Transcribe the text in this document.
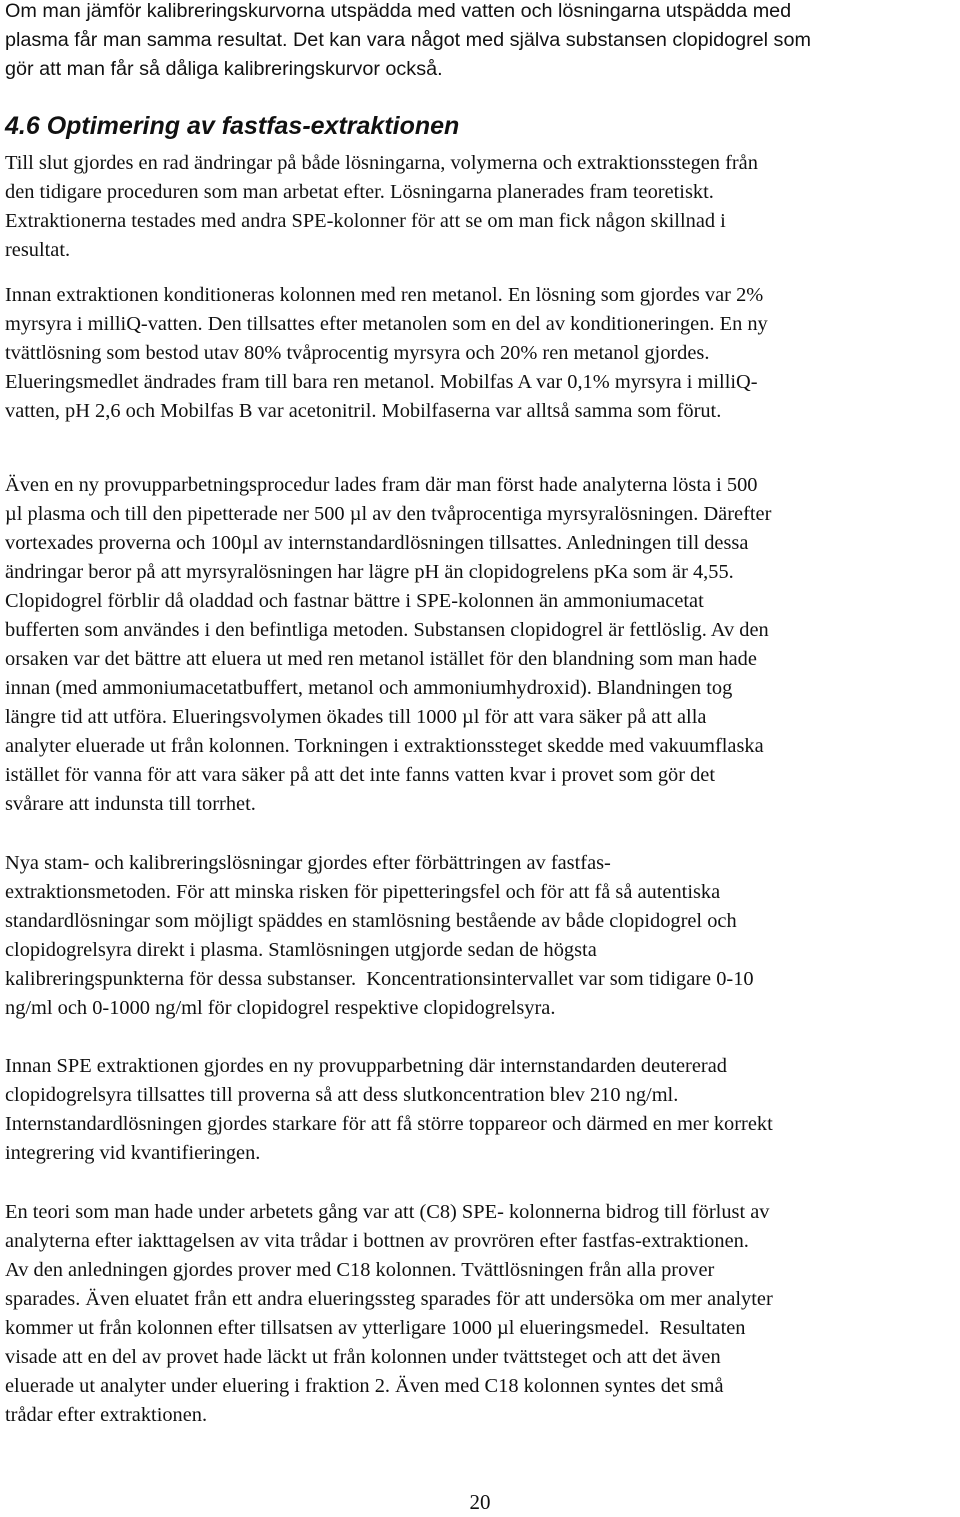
Om man jämför kalibreringskurvorna utspädda med vatten och lösningarna utspädda med
plasma får man samma resultat. Det kan vara något med själva substansen clopidogrel som
gör att man får så dåliga kalibreringskurvor också.
4.6 Optimering av fastfas-extraktionen
Till slut gjordes en rad ändringar på både lösningarna, volymerna och extraktionsstegen från
den tidigare proceduren som man arbetat efter. Lösningarna planerades fram teoretiskt.
Extraktionerna testades med andra SPE-kolonner för att se om man fick någon skillnad i
resultat.
Innan extraktionen konditioneras kolonnen med ren metanol. En lösning som gjordes var 2%
myrsyra i milliQ-vatten. Den tillsattes efter metanolen som en del av konditioneringen. En ny
tvättlösning som bestod utav 80% tvåprocentig myrsyra och 20% ren metanol gjordes.
Elueringsmedlet ändrades fram till bara ren metanol. Mobilfas A var 0,1% myrsyra i milliQ-
vatten, pH 2,6 och Mobilfas B var acetonitril. Mobilfaserna var alltså samma som förut.
Även en ny provupparbetningsprocedur lades fram där man först hade analyterna lösta i 500
µl plasma och till den pipetterade ner 500 µl av den tvåprocentiga myrsyralösningen. Därefter
vortexades proverna och 100µl av internstandardlösningen tillsattes. Anledningen till dessa
ändringar beror på att myrsyralösningen har lägre pH än clopidogrelens pKa som är 4,55.
Clopidogrel förblir då oladdad och fastnar bättre i SPE-kolonnen än ammoniumacetat
bufferten som användes i den befintliga metoden. Substansen clopidogrel är fettlöslig. Av den
orsaken var det bättre att eluera ut med ren metanol istället för den blandning som man hade
innan (med ammoniumacetatbuffert, metanol och ammoniumhydroxid). Blandningen tog
längre tid att utföra. Elueringsvolymen ökades till 1000 µl för att vara säker på att alla
analyter eluerade ut från kolonnen. Torkningen i extraktionssteget skedde med vakuumflaska
istället för vanna för att vara säker på att det inte fanns vatten kvar i provet som gör det
svårare att indunsta till torrhet.
Nya stam- och kalibreringslösningar gjordes efter förbättringen av fastfas-
extraktionsmetoden. För att minska risken för pipetteringsfel och för att få så autentiska
standardlösningar som möjligt späddes en stamlösning bestående av både clopidogrel och
clopidogrelsyra direkt i plasma. Stamlösningen utgjorde sedan de högsta
kalibreringspunkterna för dessa substanser.  Koncentrationsintervallet var som tidigare 0-10
ng/ml och 0-1000 ng/ml för clopidogrel respektive clopidogrelsyra.
Innan SPE extraktionen gjordes en ny provupparbetning där internstandarden deutererad
clopidogrelsyra tillsattes till proverna så att dess slutkoncentration blev 210 ng/ml.
Internstandardlösningen gjordes starkare för att få större toppareor och därmed en mer korrekt
integrering vid kvantifieringen.
En teori som man hade under arbetets gång var att (C8) SPE- kolonnerna bidrog till förlust av
analyterna efter iakttagelsen av vita trådar i bottnen av provrören efter fastfas-extraktionen.
Av den anledningen gjordes prover med C18 kolonnen. Tvättlösningen från alla prover
sparades. Även eluatet från ett andra elueringssteg sparades för att undersöka om mer analyter
kommer ut från kolonnen efter tillsatsen av ytterligare 1000 µl elueringsmedel.  Resultaten
visade att en del av provet hade läckt ut från kolonnen under tvättsteget och att det även
eluerade ut analyter under eluering i fraktion 2. Även med C18 kolonnen syntes det små
trådar efter extraktionen.
20
